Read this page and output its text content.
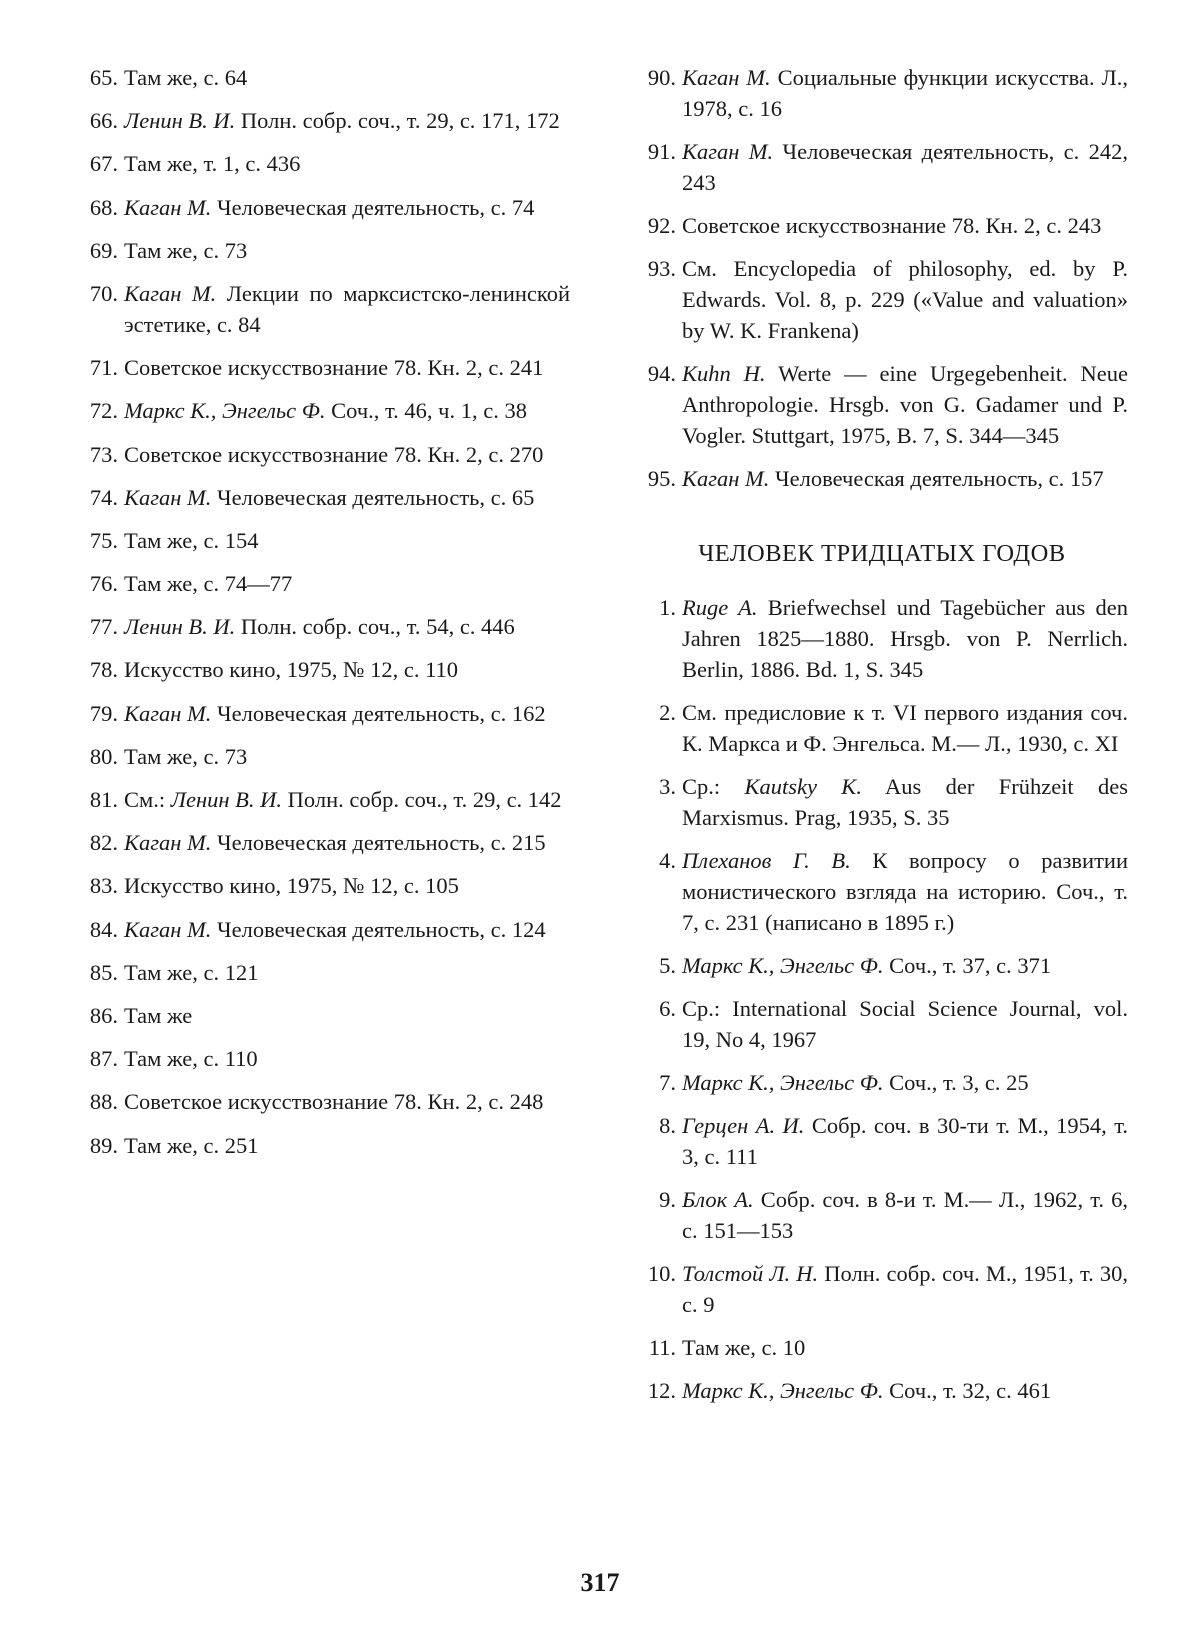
65. Там же, с. 64
66. Ленин В. И. Полн. собр. соч., т. 29, с. 171, 172
67. Там же, т. 1, с. 436
68. Каган М. Человеческая деятельность, с. 74
69. Там же, с. 73
70. Каган М. Лекции по марксистско-ленинской эстетике, с. 84
71. Советское искусствознание 78. Кн. 2, с. 241
72. Маркс К., Энгельс Ф. Соч., т. 46, ч. 1, с. 38
73. Советское искусствознание 78. Кн. 2, с. 270
74. Каган М. Человеческая деятельность, с. 65
75. Там же, с. 154
76. Там же, с. 74—77
77. Ленин В. И. Полн. собр. соч., т. 54, с. 446
78. Искусство кино, 1975, № 12, с. 110
79. Каган М. Человеческая деятельность, с. 162
80. Там же, с. 73
81. См.: Ленин В. И. Полн. собр. соч., т. 29, с. 142
82. Каган М. Человеческая деятельность, с. 215
83. Искусство кино, 1975, № 12, с. 105
84. Каган М. Человеческая деятельность, с. 124
85. Там же, с. 121
86. Там же
87. Там же, с. 110
88. Советское искусствознание 78. Кн. 2, с. 248
89. Там же, с. 251
90. Каган М. Социальные функции искусства. Л., 1978, с. 16
91. Каган М. Человеческая деятельность, с. 242, 243
92. Советское искусствознание 78. Кн. 2, с. 243
93. См. Encyclopedia of philosophy, ed. by P. Edwards. Vol. 8, p. 229 («Value and valuation» by W. K. Frankena)
94. Kuhn H. Werte — eine Urgegebenheit. Neue Anthropologie. Hrsgb. von G. Gadamer und P. Vogler. Stuttgart, 1975, B. 7, S. 344—345
95. Каган М. Человеческая деятельность, с. 157
ЧЕЛОВЕК ТРИДЦАТЫХ ГОДОВ
1. Ruge A. Briefwechsel und Tagebücher aus den Jahren 1825—1880. Hrsgb. von P. Nerrlich. Berlin, 1886. Bd. 1, S. 345
2. См. предисловие к т. VI первого издания соч. К. Маркса и Ф. Энгельса. М.— Л., 1930, с. XI
3. Ср.: Kautsky K. Aus der Frühzeit des Marxismus. Prag, 1935, S. 35
4. Плеханов Г. В. К вопросу о развитии монистического взгляда на историю. Соч., т. 7, с. 231 (написано в 1895 г.)
5. Маркс К., Энгельс Ф. Соч., т. 37, с. 371
6. Ср.: International Social Science Journal, vol. 19, No 4, 1967
7. Маркс К., Энгельс Ф. Соч., т. 3, с. 25
8. Герцен А. И. Собр. соч. в 30-ти т. М., 1954, т. 3, с. 111
9. Блок А. Собр. соч. в 8-и т. М.— Л., 1962, т. 6, с. 151—153
10. Толстой Л. Н. Полн. собр. соч. М., 1951, т. 30, с. 9
11. Там же, с. 10
12. Маркс К., Энгельс Ф. Соч., т. 32, с. 461
317
